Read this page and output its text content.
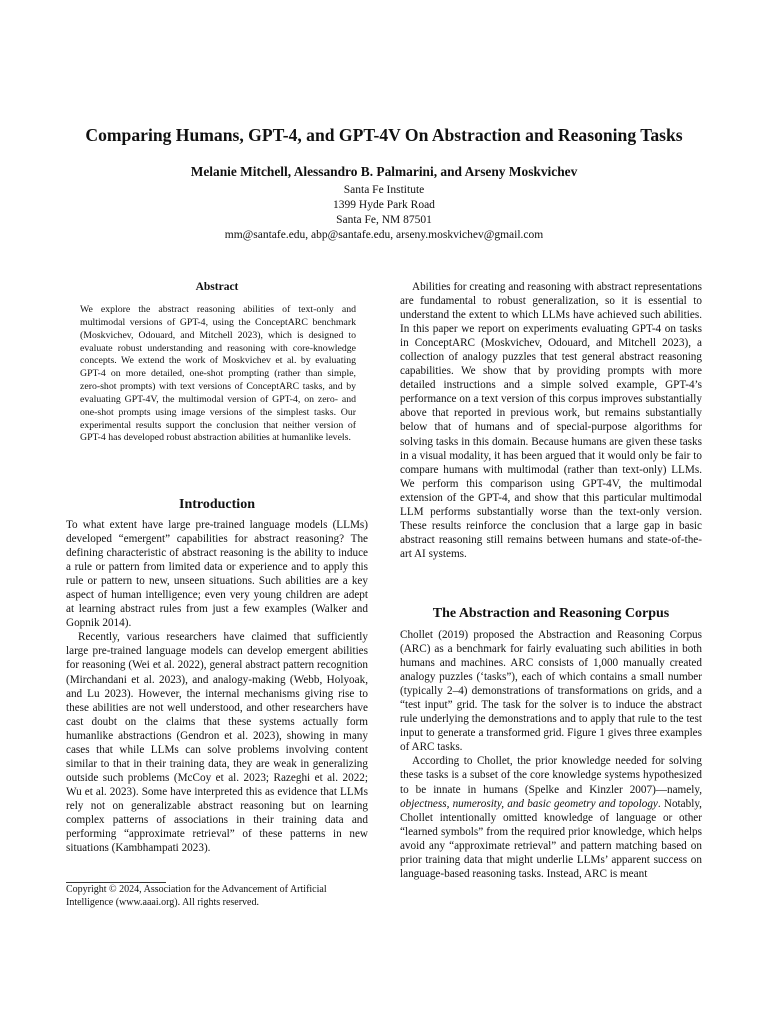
Comparing Humans, GPT-4, and GPT-4V On Abstraction and Reasoning Tasks
Melanie Mitchell, Alessandro B. Palmarini, and Arseny Moskvichev
Santa Fe Institute
1399 Hyde Park Road
Santa Fe, NM 87501
mm@santafe.edu, abp@santafe.edu, arseny.moskvichev@gmail.com
Abstract
We explore the abstract reasoning abilities of text-only and multimodal versions of GPT-4, using the ConceptARC benchmark (Moskvichev, Odouard, and Mitchell 2023), which is designed to evaluate robust understanding and reasoning with core-knowledge concepts. We extend the work of Moskvichev et al. by evaluating GPT-4 on more detailed, one-shot prompting (rather than simple, zero-shot prompts) with text versions of ConceptARC tasks, and by evaluating GPT-4V, the multimodal version of GPT-4, on zero- and one-shot prompts using image versions of the simplest tasks. Our experimental results support the conclusion that neither version of GPT-4 has developed robust abstraction abilities at humanlike levels.
Introduction

To what extent have large pre-trained language models (LLMs) developed “emergent” capabilities for abstract reasoning? The defining characteristic of abstract reasoning is the ability to induce a rule or pattern from limited data or experience and to apply this rule or pattern to new, unseen situations. Such abilities are a key aspect of human intelligence; even very young children are adept at learning abstract rules from just a few examples (Walker and Gopnik 2014).

Recently, various researchers have claimed that sufficiently large pre-trained language models can develop emergent abilities for reasoning (Wei et al. 2022), general abstract pattern recognition (Mirchandani et al. 2023), and analogy-making (Webb, Holyoak, and Lu 2023). However, the internal mechanisms giving rise to these abilities are not well understood, and other researchers have cast doubt on the claims that these systems actually form humanlike abstractions (Gendron et al. 2023), showing in many cases that while LLMs can solve problems involving content similar to that in their training data, they are weak in generalizing outside such problems (McCoy et al. 2023; Razeghi et al. 2022; Wu et al. 2023). Some have interpreted this as evidence that LLMs rely not on generalizable abstract reasoning but on learning complex patterns of associations in their training data and performing “approximate retrieval” of these patterns in new situations (Kambhampati 2023).

Copyright © 2024, Association for the Advancement of Artificial Intelligence (www.aaai.org). All rights reserved.

Abilities for creating and reasoning with abstract representations are fundamental to robust generalization, so it is essential to understand the extent to which LLMs have achieved such abilities. In this paper we report on experiments evaluating GPT-4 on tasks in ConceptARC (Moskvichev, Odouard, and Mitchell 2023), a collection of analogy puzzles that test general abstract reasoning capabilities. We show that by providing prompts with more detailed instructions and a simple solved example, GPT-4’s performance on a text version of this corpus improves substantially above that reported in previous work, but remains substantially below that of humans and of special-purpose algorithms for solving tasks in this domain. Because humans are given these tasks in a visual modality, it has been argued that it would only be fair to compare humans with multimodal (rather than text-only) LLMs. We perform this comparison using GPT-4V, the multimodal extension of the GPT-4, and show that this particular multimodal LLM performs substantially worse than the text-only version. These results reinforce the conclusion that a large gap in basic abstract reasoning still remains between humans and state-of-the-art AI systems.

The Abstraction and Reasoning Corpus

Chollet (2019) proposed the Abstraction and Reasoning Corpus (ARC) as a benchmark for fairly evaluating such abilities in both humans and machines. ARC consists of 1,000 manually created analogy puzzles (‘tasks”), each of which contains a small number (typically 2–4) demonstrations of transformations on grids, and a “test input” grid. The task for the solver is to induce the abstract rule underlying the demonstrations and to apply that rule to the test input to generate a transformed grid. Figure 1 gives three examples of ARC tasks.

According to Chollet, the prior knowledge needed for solving these tasks is a subset of the core knowledge systems hypothesized to be innate in humans (Spelke and Kinzler 2007)—namely, objectness, numerosity, and basic geometry and topology. Notably, Chollet intentionally omitted knowledge of language or other “learned symbols” from the required prior knowledge, which helps avoid any “approximate retrieval” and pattern matching based on prior training data that might underlie LLMs’ apparent success on language-based reasoning tasks. Instead, ARC is meant
